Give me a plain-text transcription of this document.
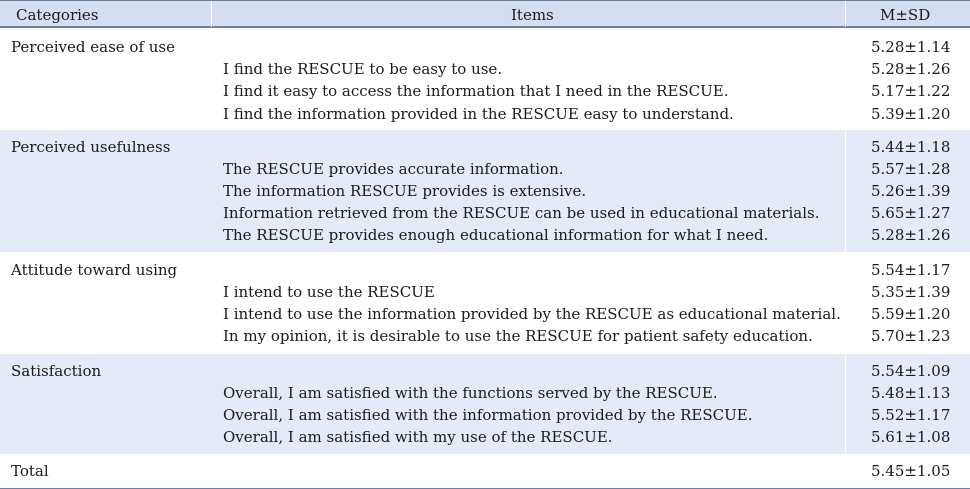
Categories	Items	M±SD
Perceived ease of use	5.28±1.14
I find the RESCUE to be easy to use.	5.28±1.26
I find it easy to access the information that I need in the RESCUE.	5.17±1.22
I find the information provided in the RESCUE easy to understand.	5.39±1.20
Perceived usefulness	5.44±1.18
The RESCUE provides accurate information.	5.57±1.28
The information RESCUE provides is extensive.	5.26±1.39
Information retrieved from the RESCUE can be used in educational materials.	5.65±1.27
The RESCUE provides enough educational information for what I need.	5.28±1.26
Attitude toward using	5.54±1.17
I intend to use the RESCUE	5.35±1.39
I intend to use the information provided by the RESCUE as educational material. 5.59±1.20
In my opinion, it is desirable to use the RESCUE for patient safety education.	5.70±1.23
Satisfaction	5.54±1.09
Overall, I am satisfied with the functions served by the RESCUE.	5.48±1.13
Overall, I am satisfied with the information provided by the RESCUE.	5.52±1.17
Overall, I am satisfied with my use of the RESCUE.	5.61±1.08
Total	5.45±1.05
